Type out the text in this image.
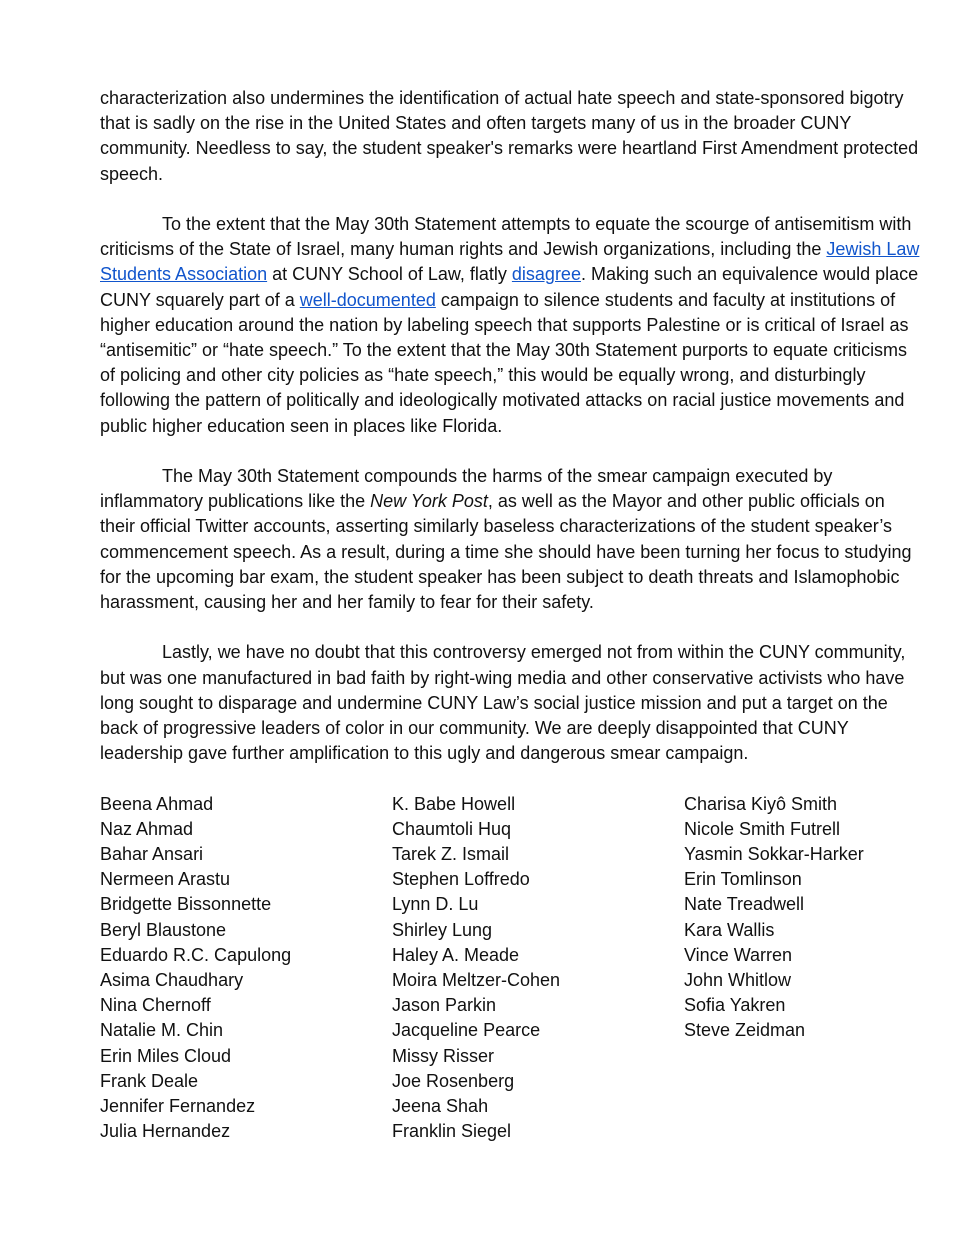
characterization also undermines the identification of actual hate speech and state-sponsored bigotry that is sadly on the rise in the United States and often targets many of us in the broader CUNY community. Needless to say, the student speaker's remarks were heartland First Amendment protected speech.

To the extent that the May 30th Statement attempts to equate the scourge of antisemitism with criticisms of the State of Israel, many human rights and Jewish organizations, including the Jewish Law Students Association at CUNY School of Law, flatly disagree. Making such an equivalence would place CUNY squarely part of a well-documented campaign to silence students and faculty at institutions of higher education around the nation by labeling speech that supports Palestine or is critical of Israel as “antisemitic” or “hate speech.” To the extent that the May 30th Statement purports to equate criticisms of policing and other city policies as “hate speech,” this would be equally wrong, and disturbingly following the pattern of politically and ideologically motivated attacks on racial justice movements and public higher education seen in places like Florida.

The May 30th Statement compounds the harms of the smear campaign executed by inflammatory publications like the New York Post, as well as the Mayor and other public officials on their official Twitter accounts, asserting similarly baseless characterizations of the student speaker’s commencement speech. As a result, during a time she should have been turning her focus to studying for the upcoming bar exam, the student speaker has been subject to death threats and Islamophobic harassment, causing her and her family to fear for their safety.

Lastly, we have no doubt that this controversy emerged not from within the CUNY community, but was one manufactured in bad faith by right-wing media and other conservative activists who have long sought to disparage and undermine CUNY Law’s social justice mission and put a target on the back of progressive leaders of color in our community. We are deeply disappointed that CUNY leadership gave further amplification to this ugly and dangerous smear campaign.

Beena Ahmad
Naz Ahmad
Bahar Ansari
Nermeen Arastu
Bridgette Bissonnette
Beryl Blaustone
Eduardo R.C. Capulong
Asima Chaudhary
Nina Chernoff
Natalie M. Chin
Erin Miles Cloud
Frank Deale
Jennifer Fernandez
Julia Hernandez
K. Babe Howell
Chaumtoli Huq
Tarek Z. Ismail
Stephen Loffredo
Lynn D. Lu
Shirley Lung
Haley A. Meade
Moira Meltzer-Cohen
Jason Parkin
Jacqueline Pearce
Missy Risser
Joe Rosenberg
Jeena Shah
Franklin Siegel
Charisa Kiyô Smith
Nicole Smith Futrell
Yasmin Sokkar-Harker
Erin Tomlinson
Nate Treadwell
Kara Wallis
Vince Warren
John Whitlow
Sofia Yakren
Steve Zeidman
